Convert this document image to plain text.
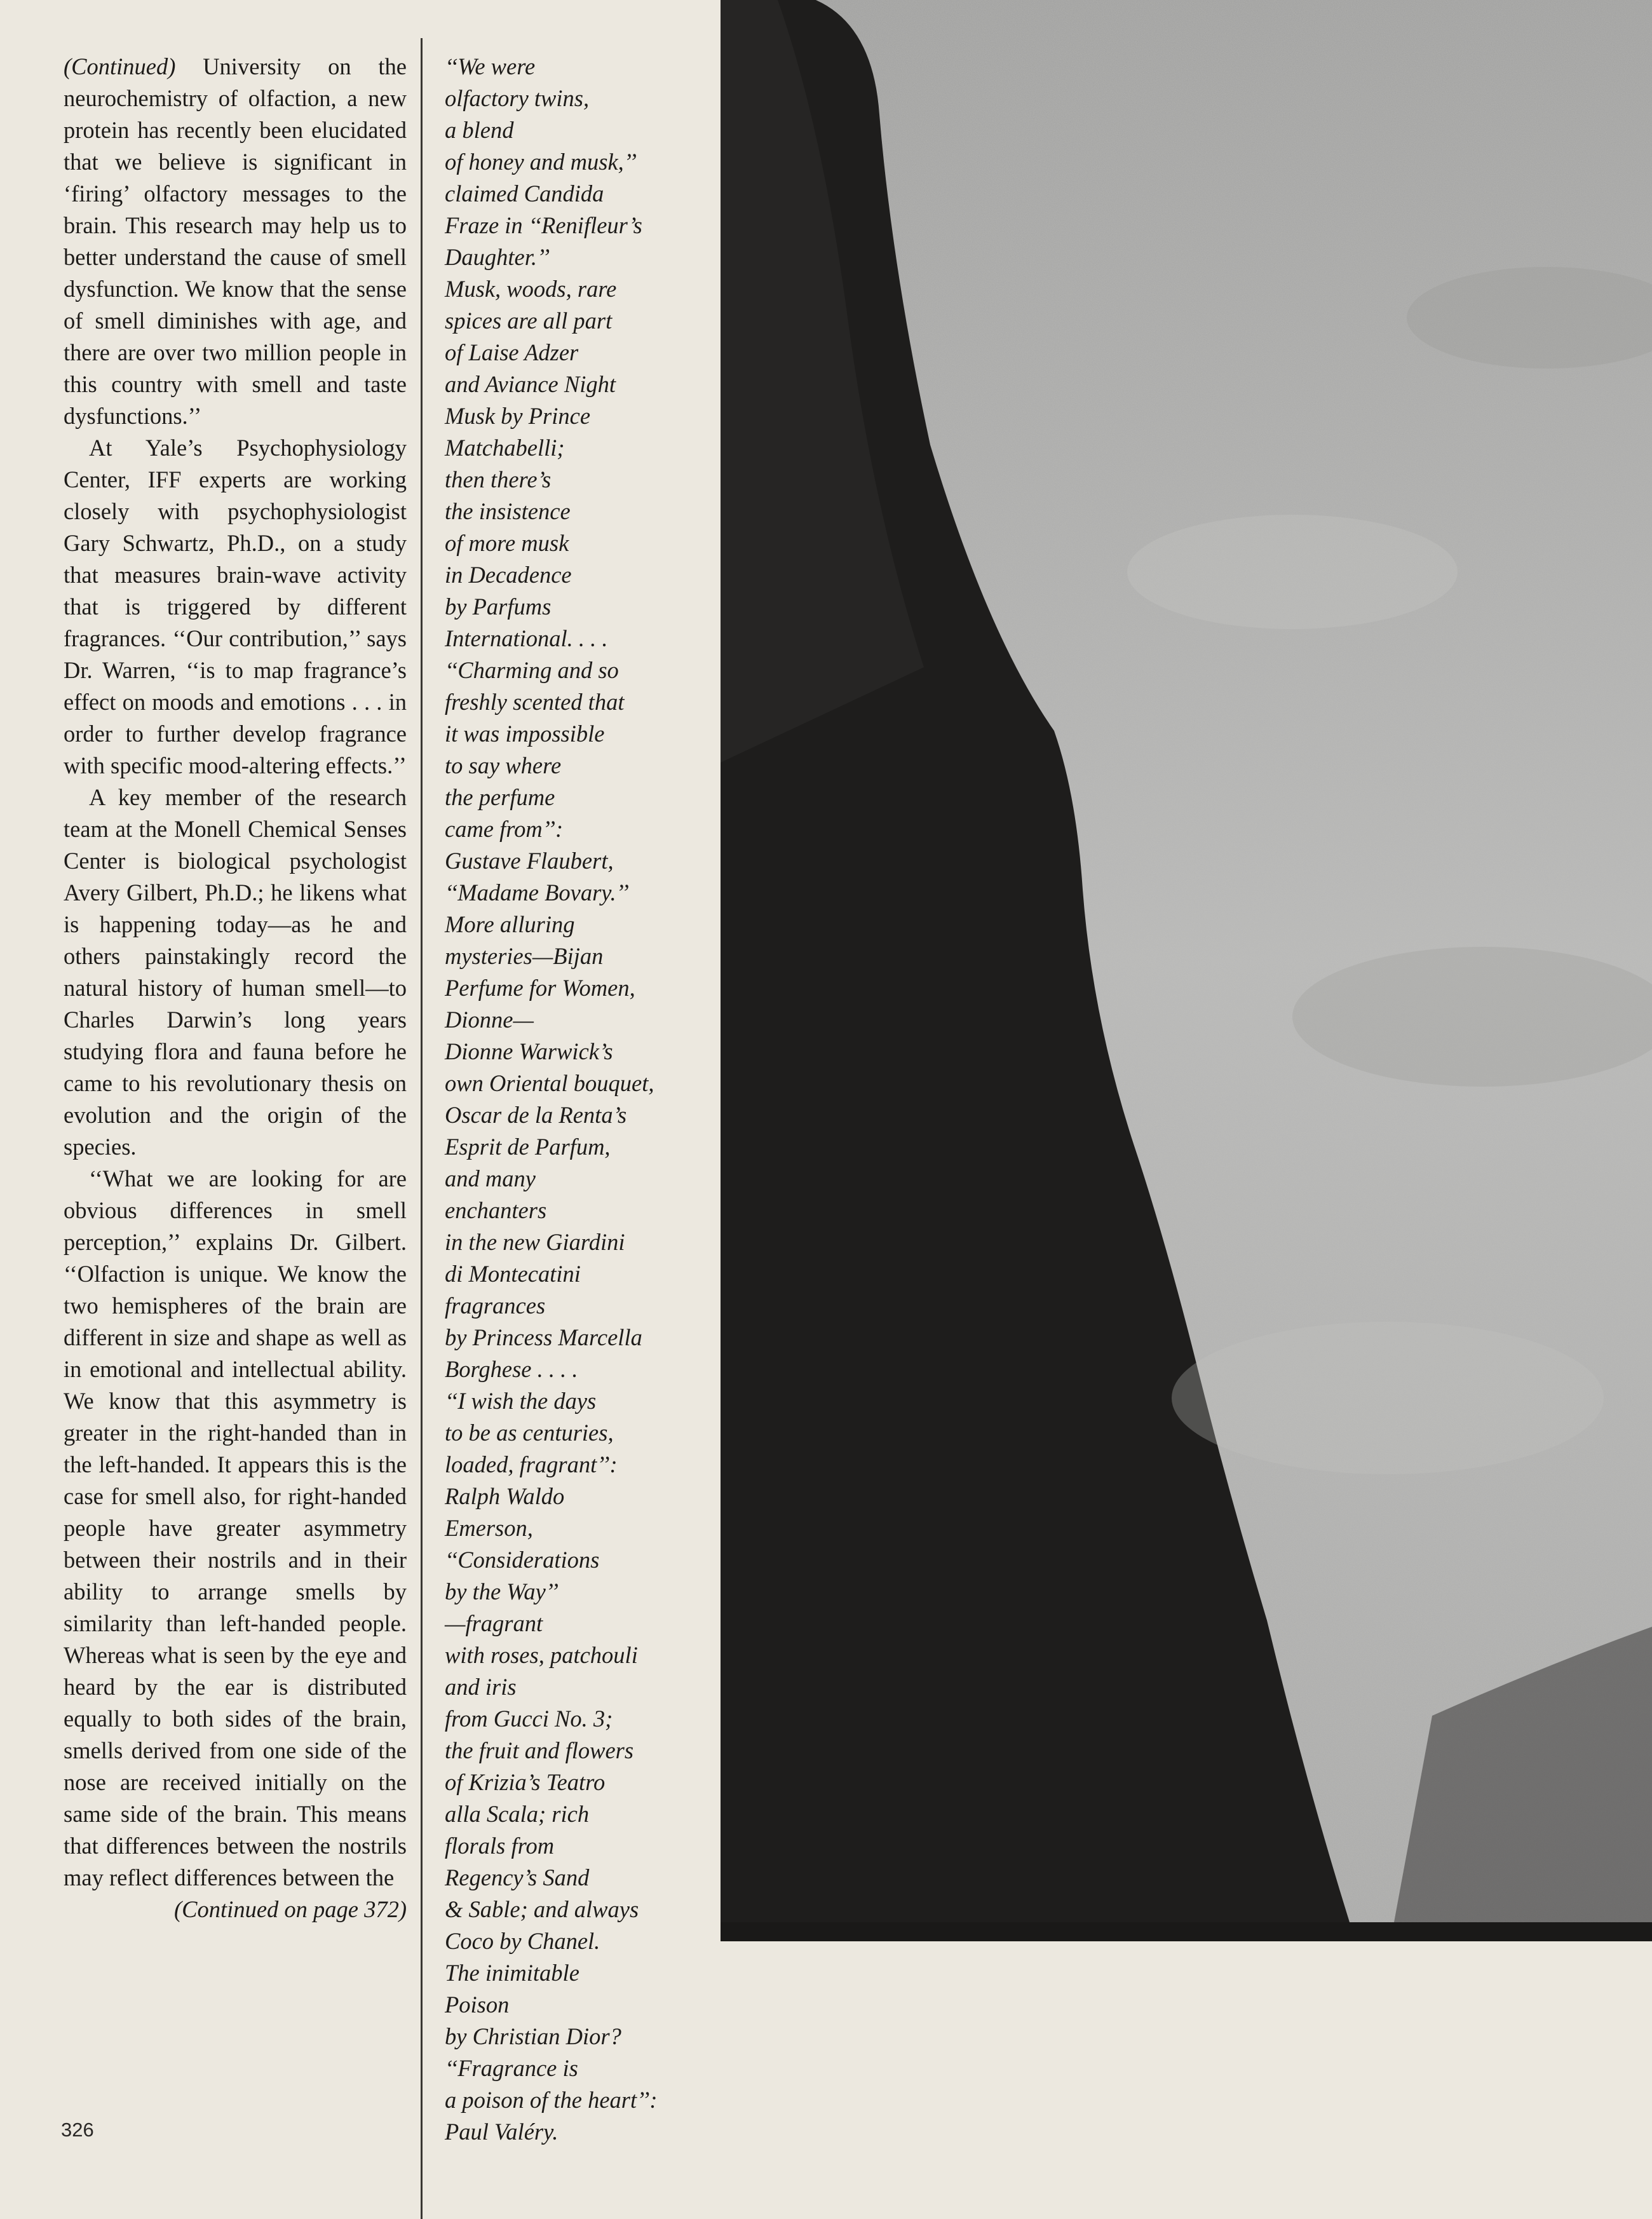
(Continued) University on the neurochemistry of olfaction, a new protein has recently been elucidated that we believe is significant in ‘firing’ olfactory messages to the brain. This research may help us to better understand the cause of smell dysfunction. We know that the sense of smell diminishes with age, and there are over two million people in this country with smell and taste dysfunctions.’’

At Yale’s Psychophysiology Center, IFF experts are working closely with psychophysiologist Gary Schwartz, Ph.D., on a study that measures brain-wave activity that is triggered by different fragrances. ‘‘Our contribution,’’ says Dr. Warren, ‘‘is to map fragrance’s effect on moods and emotions . . . in order to further develop fragrance with specific mood-altering effects.’’

A key member of the research team at the Monell Chemical Senses Center is biological psychologist Avery Gilbert, Ph.D.; he likens what is happening today—as he and others painstakingly record the natural history of human smell—to Charles Darwin’s long years studying flora and fauna before he came to his revolutionary thesis on evolution and the origin of the species.

‘‘What we are looking for are obvious differences in smell perception,’’ explains Dr. Gilbert. ‘‘Olfaction is unique. We know the two hemispheres of the brain are different in size and shape as well as in emotional and intellectual ability. We know that this asymmetry is greater in the right-handed than in the left-handed. It appears this is the case for smell also, for right-handed people have greater asymmetry between their nostrils and in their ability to arrange smells by similarity than left-handed people. Whereas what is seen by the eye and heard by the ear is distributed equally to both sides of the brain, smells derived from one side of the nose are received initially on the same side of the brain. This means that differences between the nostrils may reflect differences between the

(Continued on page 372)

326
‘‘We were
olfactory twins,
a blend
of honey and musk,’’
claimed Candida
Fraze in ‘‘Renifleur’s
Daughter.’’
Musk, woods, rare
spices are all part
of Laise Adzer
and Aviance Night
Musk by Prince
Matchabelli;
then there’s
the insistence
of more musk
in Decadence
by Parfums
International. . . .
‘‘Charming and so
freshly scented that
it was impossible
to say where
the perfume
came from’’:
Gustave Flaubert,
‘‘Madame Bovary.’’
More alluring
mysteries—Bijan
Perfume for Women,
Dionne—
Dionne Warwick’s
own Oriental bouquet,
Oscar de la Renta’s
Esprit de Parfum,
and many
enchanters
in the new Giardini
di Montecatini
fragrances
by Princess Marcella
Borghese . . . .
‘‘I wish the days
to be as centuries,
loaded, fragrant’’:
Ralph Waldo
Emerson,
‘‘Considerations
by the Way’’
—fragrant
with roses, patchouli
and iris
from Gucci No. 3;
the fruit and flowers
of Krizia’s Teatro
alla Scala; rich
florals from
Regency’s Sand
& Sable; and always
Coco by Chanel.
The inimitable
Poison
by Christian Dior?
‘‘Fragrance is
a poison of the heart’’:
Paul Valéry.
